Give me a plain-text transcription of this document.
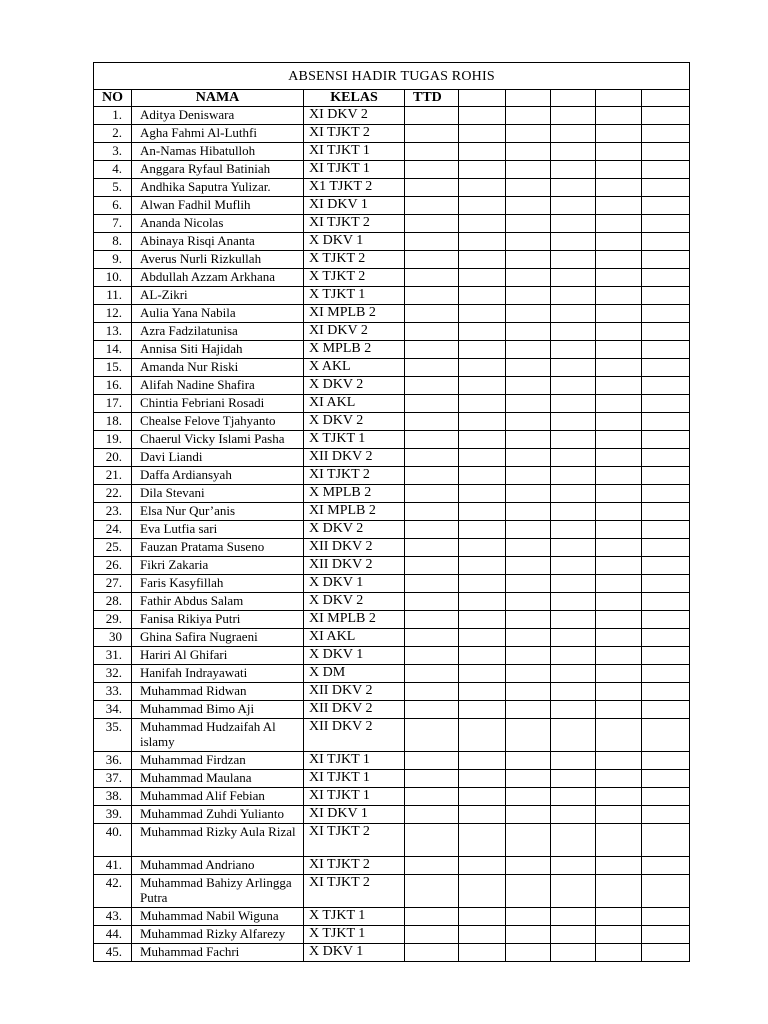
ABSENSI HADIR TUGAS ROHIS								
NO	NAMA	KELAS	TTD					
1.	Aditya Deniswara	XI DKV 2						
2.	Agha Fahmi Al-Luthfi	XI TJKT 2						
3.	An-Namas Hibatulloh	XI TJKT 1						
4.	Anggara Ryfaul Batiniah	XI TJKT 1						
5.	Andhika Saputra Yulizar.	X1 TJKT 2						
6.	Alwan Fadhil Muflih	XI DKV 1						
7.	Ananda Nicolas	XI TJKT 2						
8.	Abinaya Risqi Ananta	X DKV 1						
9.	Averus Nurli Rizkullah	X TJKT 2						
10.	Abdullah Azzam Arkhana	X TJKT 2						
11.	AL-Zikri	X TJKT 1						
12.	Aulia Yana Nabila	XI MPLB 2						
13.	Azra Fadzilatunisa	XI DKV 2						
14.	Annisa Siti Hajidah	X MPLB 2						
15.	Amanda Nur Riski	X AKL						
16.	Alifah Nadine Shafira	X DKV 2						
17.	Chintia Febriani Rosadi	XI AKL						
18.	Chealse Felove Tjahyanto	X DKV 2						
19.	Chaerul Vicky Islami Pasha	X TJKT 1						
20.	Davi Liandi	XII DKV 2						
21.	Daffa Ardiansyah	XI TJKT 2						
22.	Dila Stevani	X MPLB 2						
23.	Elsa Nur Qur’anis	XI MPLB 2						
24.	Eva Lutfia sari	X DKV 2						
25.	Fauzan Pratama Suseno	XII DKV 2						
26.	Fikri Zakaria	XII DKV 2						
27.	Faris Kasyfillah	X DKV 1						
28.	Fathir Abdus Salam	X DKV 2						
29.	Fanisa Rikiya Putri	XI MPLB 2						
30	Ghina Safira Nugraeni	XI AKL						
31.	Hariri Al Ghifari	X DKV 1						
32.	Hanifah Indrayawati	X DM						
33.	Muhammad Ridwan	XII DKV 2						
34.	Muhammad Bimo Aji	XII DKV 2						
35.	Muhammad Hudzaifah Al islamy	XII DKV 2						
36.	Muhammad Firdzan	XI TJKT 1						
37.	Muhammad Maulana	XI TJKT 1						
38.	Muhammad Alif Febian	XI TJKT 1						
39.	Muhammad Zuhdi Yulianto	XI DKV 1						
40.	Muhammad Rizky Aula Rizal	XI TJKT 2						
41.	Muhammad Andriano	XI TJKT 2						
42.	Muhammad Bahizy Arlingga Putra	XI TJKT 2						
43.	Muhammad Nabil Wiguna	X TJKT 1						
44.	Muhammad Rizky Alfarezy	X TJKT 1						
45.	Muhammad Fachri	X DKV 1						
